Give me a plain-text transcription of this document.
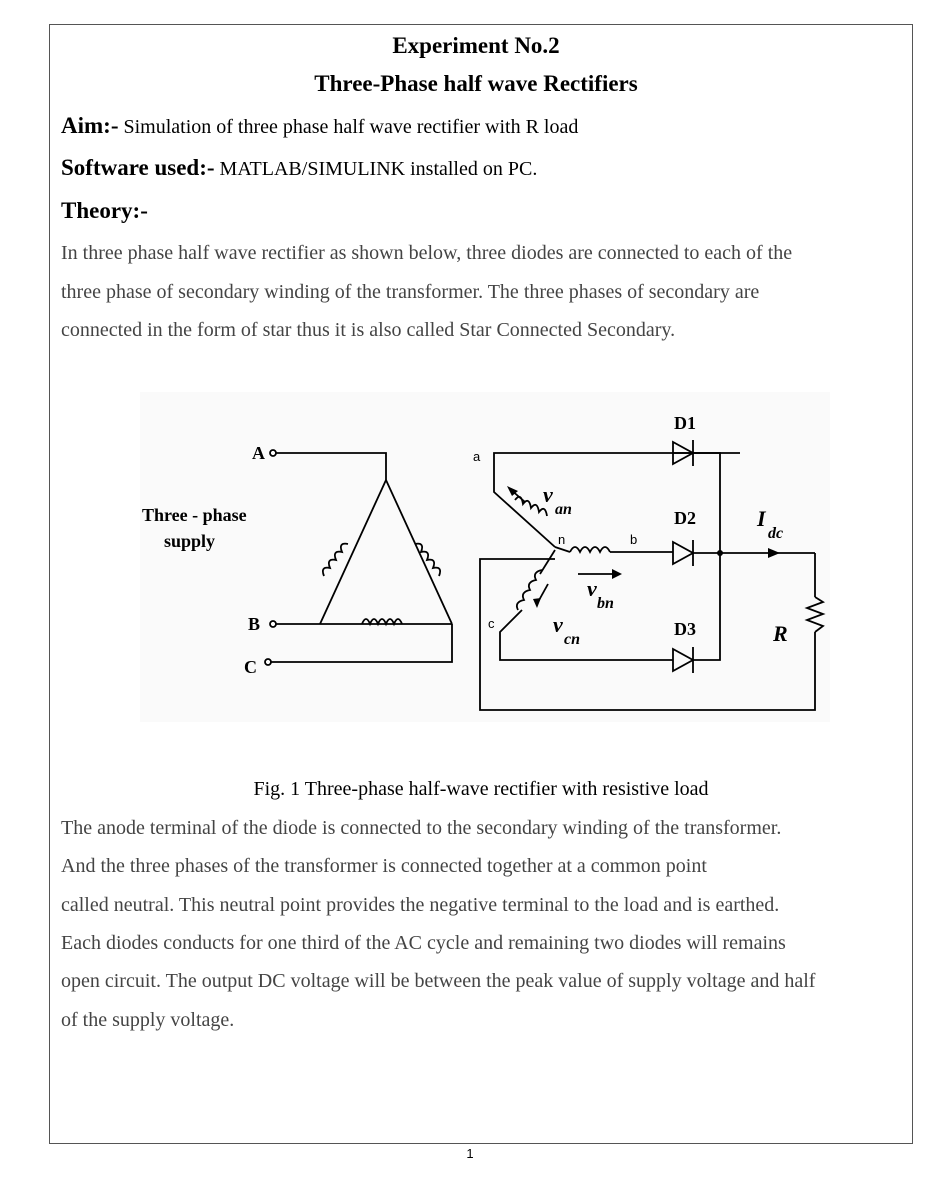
Experiment No.2
Three-Phase half wave Rectifiers
Aim:- Simulation of three phase half wave rectifier with R load
Software used:- MATLAB/SIMULINK installed on PC.
Theory:-
In three phase half wave rectifier as shown below, three diodes are connected to each of the
three phase of secondary winding of the transformer. The three phases of secondary are
connected in the form of star thus it is also called Star Connected Secondary.
Three - phase
supply
A
B
C
a
b
c
n
D1
D2
D3
v
an
v
bn
v
cn
I
dc
R
Fig. 1 Three-phase half-wave rectifier with resistive load
The anode terminal of the diode is connected to the secondary winding of the transformer.
And the three phases of the transformer is connected together at a common point
called neutral. This neutral point provides the negative terminal to the load and is earthed.
Each diodes conducts for one third of the AC cycle and remaining two diodes will remains
open circuit. The output DC voltage will be between the peak value of supply voltage and half
of the supply voltage.
1
